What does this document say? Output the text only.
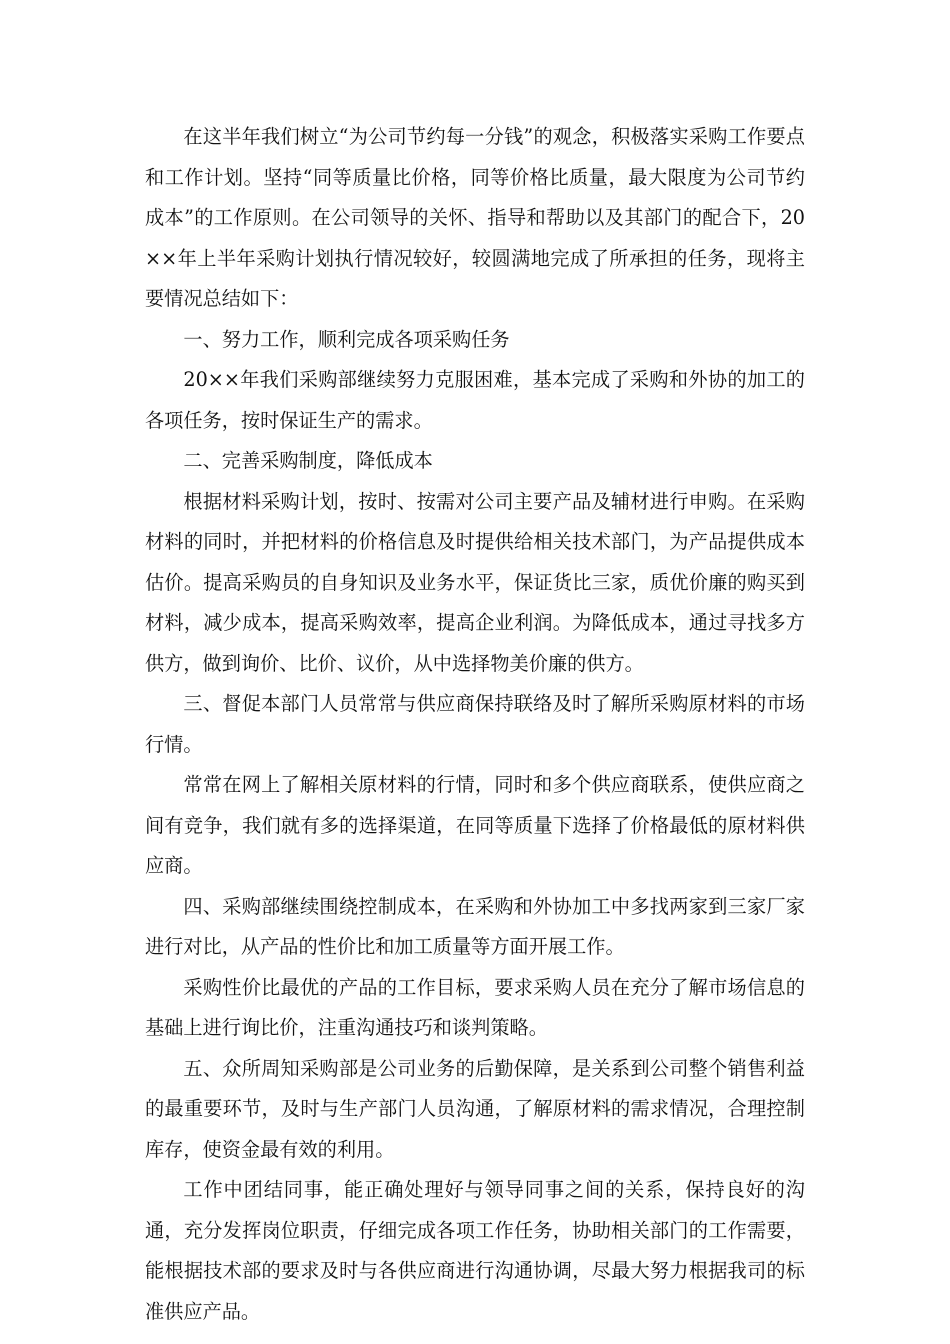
在这半年我们树立“为公司节约每一分钱”的观念，积极落实采购工作要点和工作计划。坚持“同等质量比价格，同等价格比质量，最大限度为公司节约成本”的工作原则。在公司领导的关怀、指导和帮助以及其部门的配合下，20××年上半年采购计划执行情况较好，较圆满地完成了所承担的任务，现将主要情况总结如下：

一、努力工作，顺利完成各项采购任务

20××年我们采购部继续努力克服困难，基本完成了采购和外协的加工的各项任务，按时保证生产的需求。

二、完善采购制度，降低成本

根据材料采购计划，按时、按需对公司主要产品及辅材进行申购。在采购材料的同时，并把材料的价格信息及时提供给相关技术部门，为产品提供成本估价。提高采购员的自身知识及业务水平，保证货比三家，质优价廉的购买到材料，减少成本，提高采购效率，提高企业利润。为降低成本，通过寻找多方供方，做到询价、比价、议价，从中选择物美价廉的供方。

三、督促本部门人员常常与供应商保持联络及时了解所采购原材料的市场行情。

常常在网上了解相关原材料的行情，同时和多个供应商联系，使供应商之间有竞争，我们就有多的选择渠道，在同等质量下选择了价格最低的原材料供应商。

四、采购部继续围绕控制成本，在采购和外协加工中多找两家到三家厂家进行对比，从产品的性价比和加工质量等方面开展工作。

采购性价比最优的产品的工作目标，要求采购人员在充分了解市场信息的基础上进行询比价，注重沟通技巧和谈判策略。

五、众所周知采购部是公司业务的后勤保障，是关系到公司整个销售利益的最重要环节，及时与生产部门人员沟通，了解原材料的需求情况，合理控制库存，使资金最有效的利用。

工作中团结同事，能正确处理好与领导同事之间的关系，保持良好的沟通，充分发挥岗位职责，仔细完成各项工作任务，协助相关部门的工作需要，能根据技术部的要求及时与各供应商进行沟通协调，尽最大努力根据我司的标准供应产品。
